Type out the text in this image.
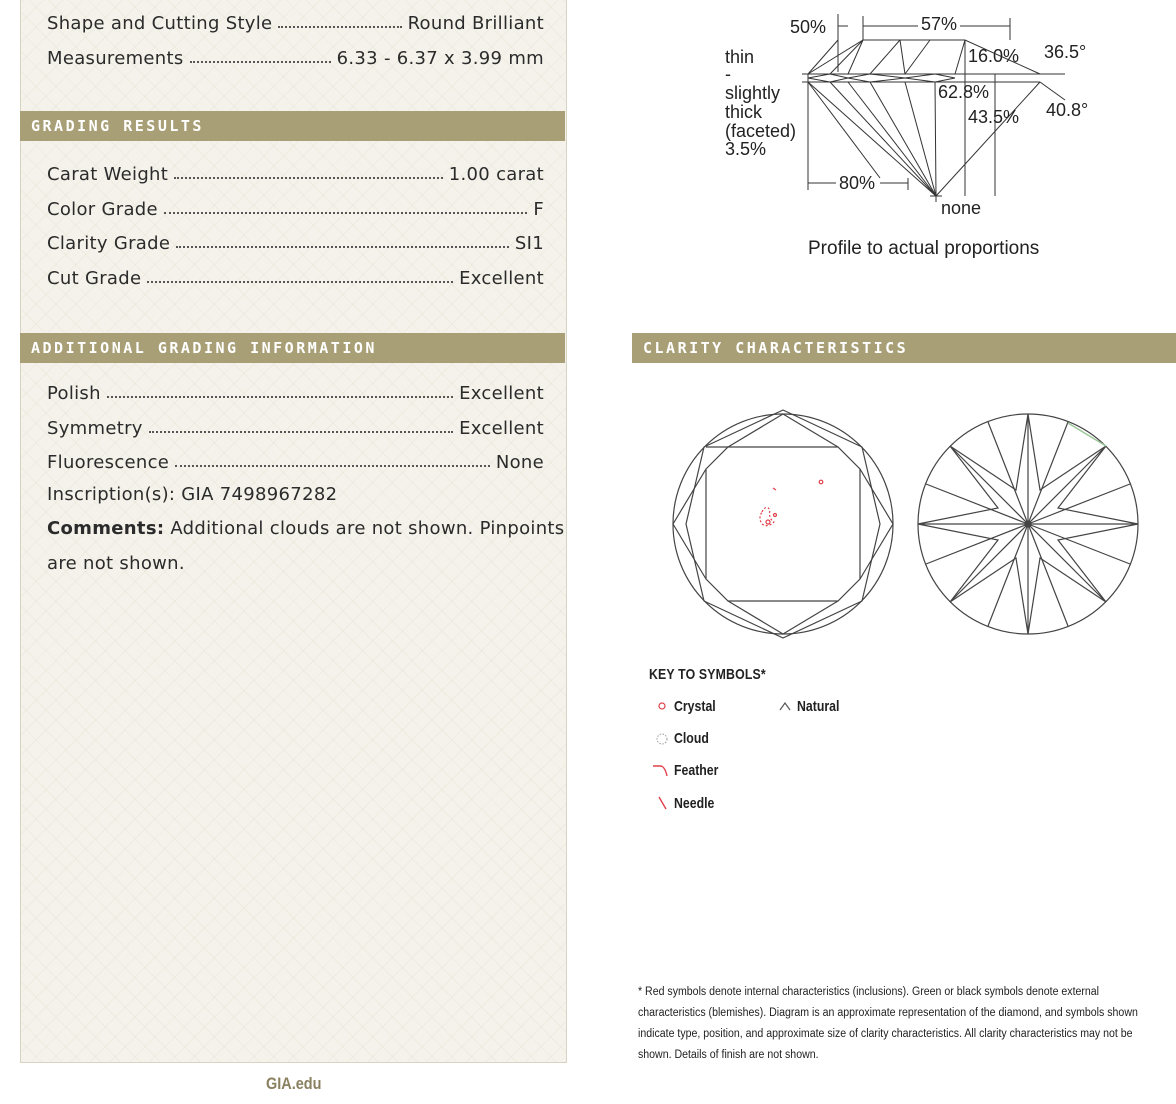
Shape and Cutting Style	Round Brilliant
Measurements	6.33 - 6.37 x 3.99 mm
GRADING RESULTS
Carat Weight	1.00 carat
Color Grade	F
Clarity Grade	SI1
Cut Grade	Excellent
ADDITIONAL GRADING INFORMATION
Polish	Excellent
Symmetry	Excellent
Fluorescence	None
Inscription(s): GIA 7498967282
Comments: Additional clouds are not shown. Pinpoints
are not shown.
GIA.edu
50%	57%
16.0% 36.5°
62.8%
43.5% 40.8°
80%
none
thin
-
slightly
thick
(faceted)
3.5%
Profile to actual proportions
CLARITY CHARACTERISTICS
KEY TO SYMBOLS*
Crystal
Cloud
Feather
Needle
Natural
* Red symbols denote internal characteristics (inclusions). Green or black symbols denote external characteristics (blemishes). Diagram is an approximate representation of the diamond, and symbols shown indicate type, position, and approximate size of clarity characteristics. All clarity characteristics may not be shown. Details of finish are not shown.
